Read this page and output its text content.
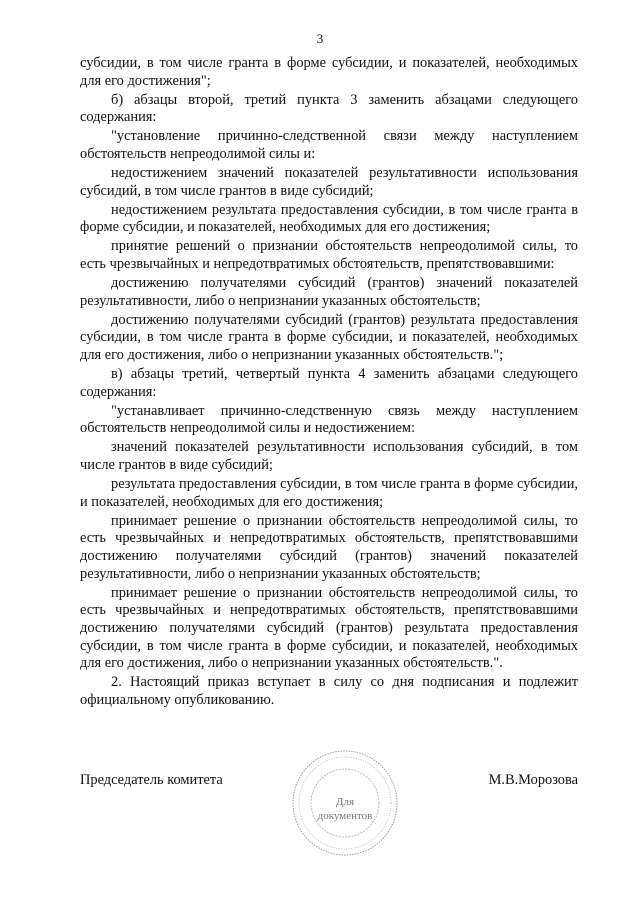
3

субсидии, в том числе гранта в форме субсидии, и показателей, необходимых для его достижения";

б) абзацы второй, третий пункта 3 заменить абзацами следующего содержания:

"установление причинно-следственной связи между наступлением обстоятельств непреодолимой силы и:

недостижением значений показателей результативности использования субсидий, в том числе грантов в виде субсидий;

недостижением результата предоставления субсидии, в том числе гранта в форме субсидии, и показателей, необходимых для его достижения;

принятие решений о признании обстоятельств непреодолимой силы, то есть чрезвычайных и непредотвратимых обстоятельств, препятствовавшими:

достижению получателями субсидий (грантов) значений показателей результативности, либо о непризнании указанных обстоятельств;

достижению получателями субсидий (грантов) результата предоставления субсидии, в том числе гранта в форме субсидии, и показателей, необходимых для его достижения, либо о непризнании указанных обстоятельств.";

в) абзацы третий, четвертый пункта 4 заменить абзацами следующего содержания:

"устанавливает причинно-следственную связь между наступлением обстоятельств непреодолимой силы и недостижением:

значений показателей результативности использования субсидий, в том числе грантов в виде субсидий;

результата предоставления субсидии, в том числе гранта в форме субсидии, и показателей, необходимых для его достижения;

принимает решение о признании обстоятельств непреодолимой силы, то есть чрезвычайных и непредотвратимых обстоятельств, препятствовавшими достижению получателями субсидий (грантов) значений показателей результативности, либо о непризнании указанных обстоятельств;

принимает решение о признании обстоятельств непреодолимой силы, то есть чрезвычайных и непредотвратимых обстоятельств, препятствовавшими достижению получателями субсидий (грантов) результата предоставления субсидии, в том числе гранта в форме субсидии, и показателей, необходимых для его достижения, либо о непризнании указанных обстоятельств.".

2. Настоящий приказ вступает в силу со дня подписания и подлежит официальному опубликованию.

Для
документов
Председатель комитета	М.В.Морозова
